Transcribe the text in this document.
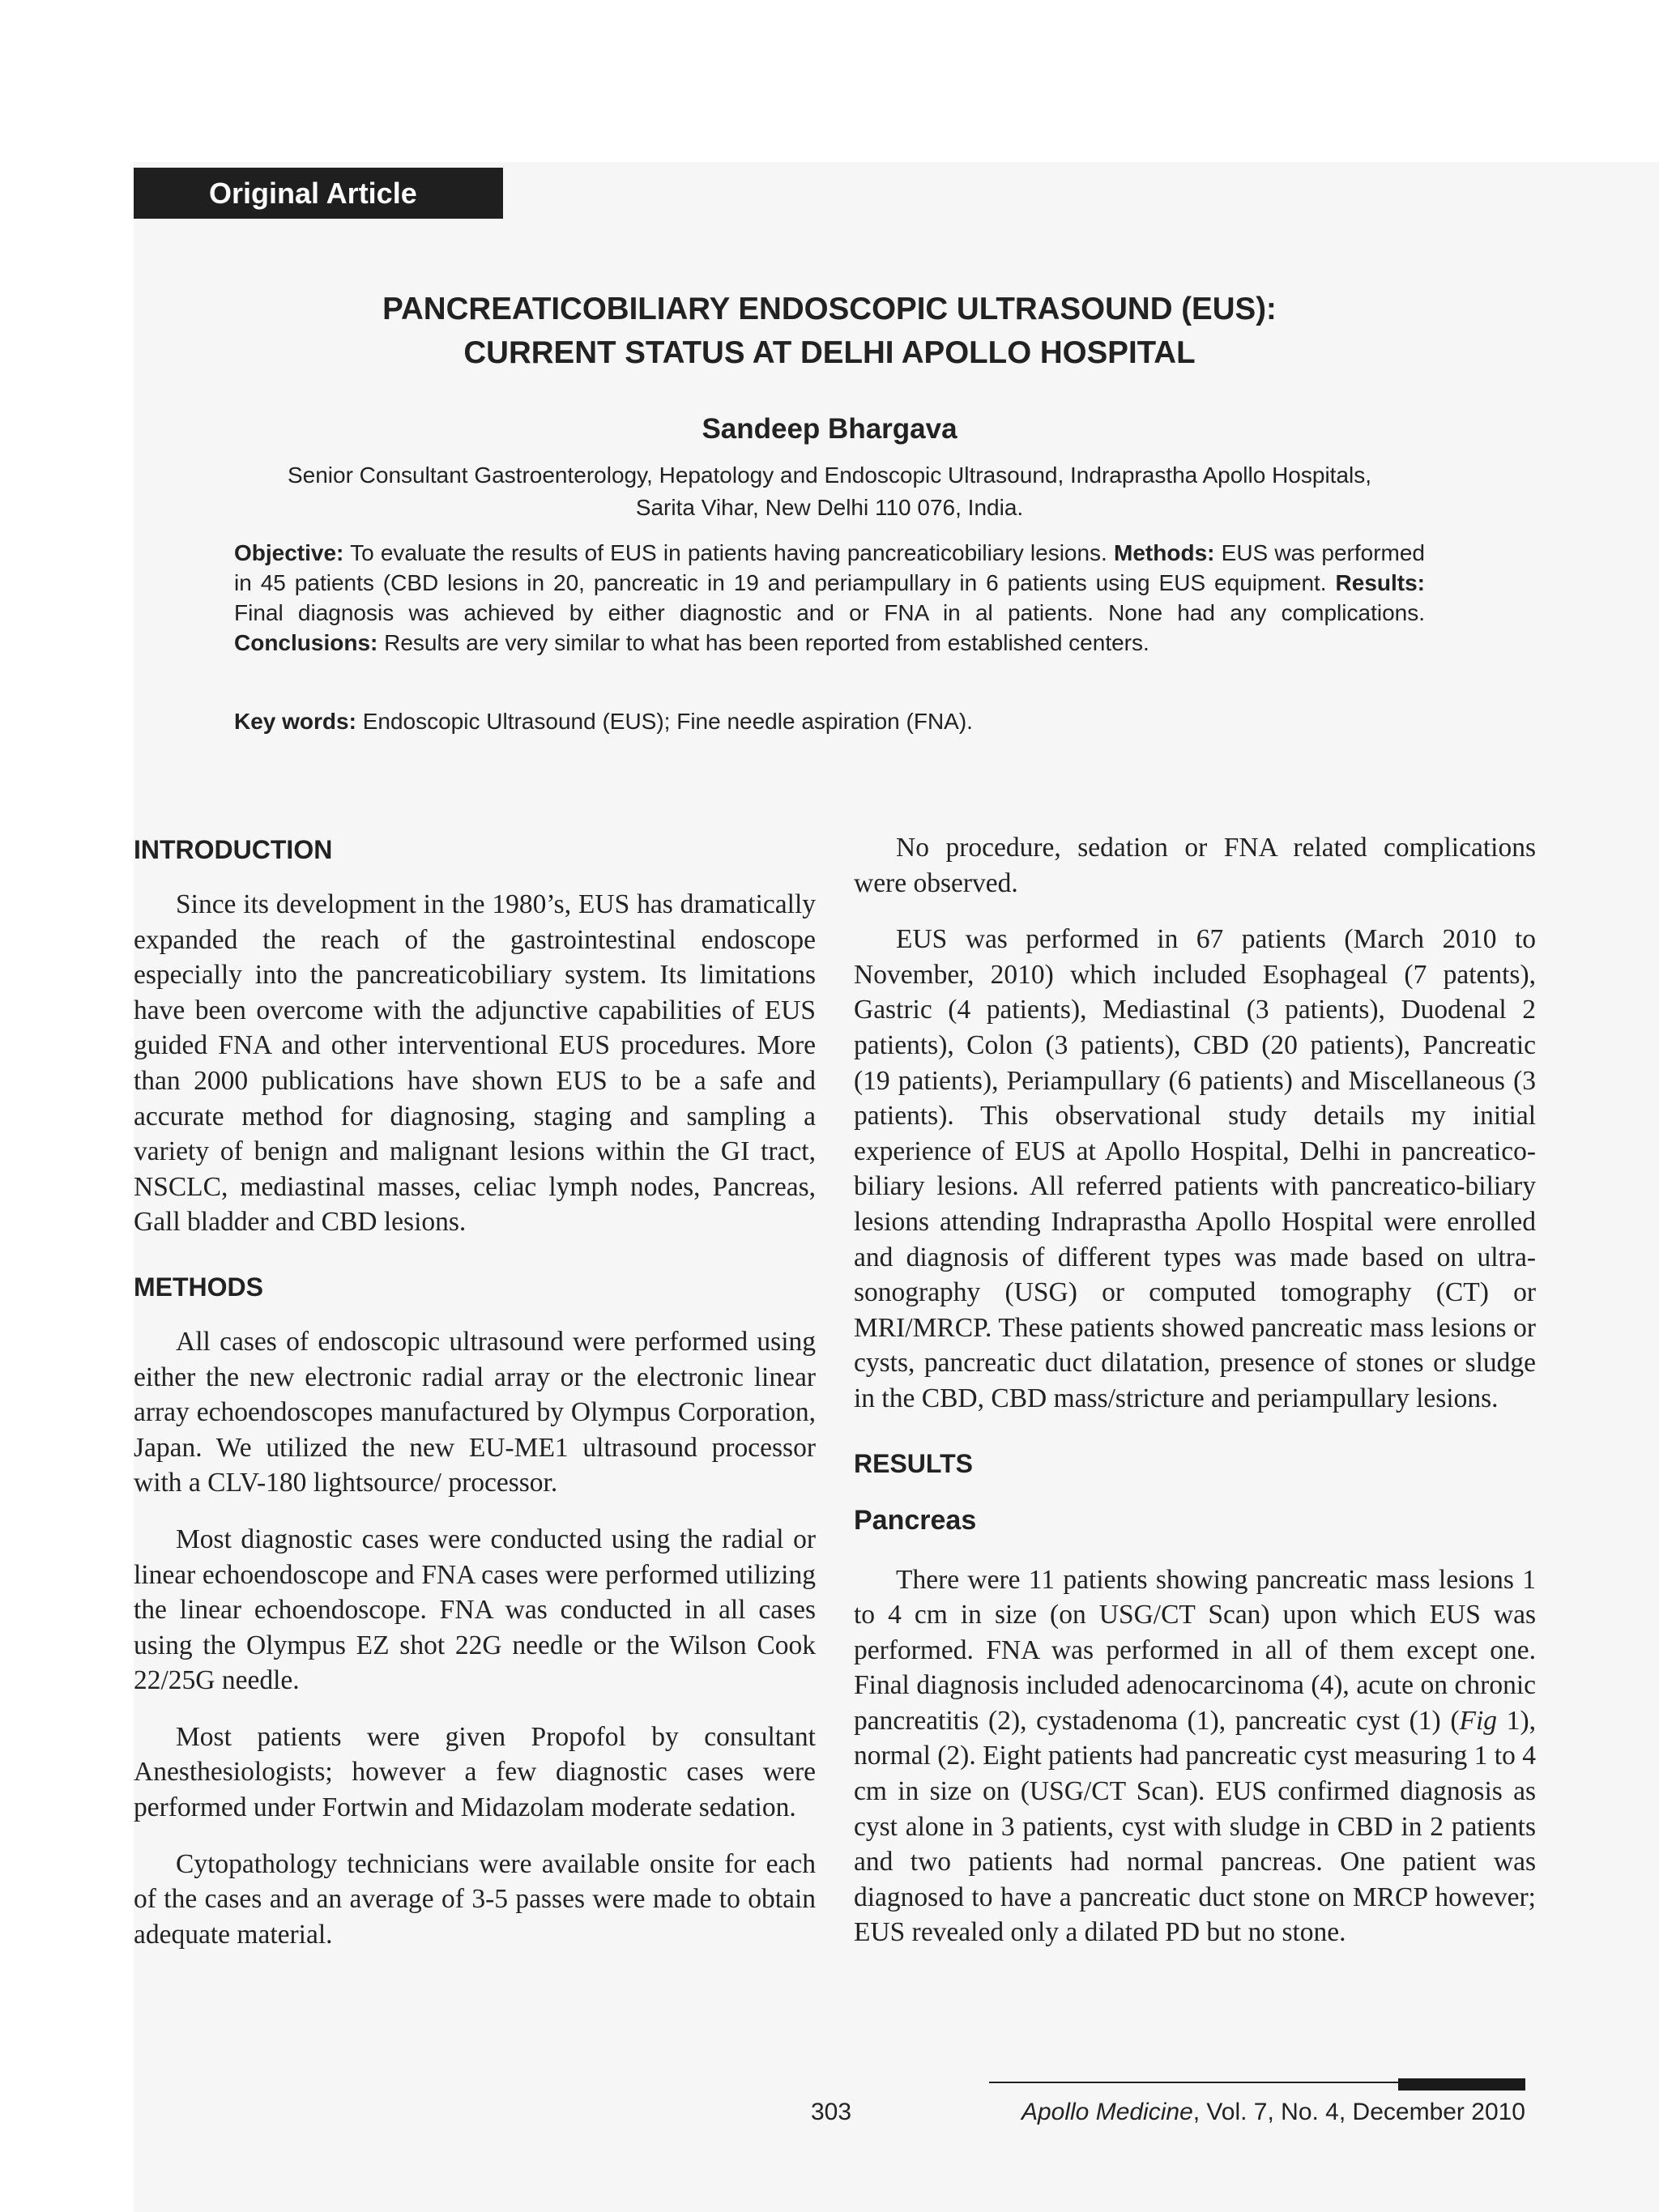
Original Article
PANCREATICOBILIARY ENDOSCOPIC ULTRASOUND (EUS):
CURRENT STATUS AT DELHI APOLLO HOSPITAL
Sandeep Bhargava
Senior Consultant Gastroenterology, Hepatology and Endoscopic Ultrasound, Indraprastha Apollo Hospitals,
Sarita Vihar, New Delhi 110 076, India.
Objective: To evaluate the results of EUS in patients having pancreaticobiliary lesions. Methods: EUS was performed in 45 patients (CBD lesions in 20, pancreatic in 19 and periampullary in 6 patients using EUS equipment. Results: Final diagnosis was achieved by either diagnostic and or FNA in al patients. None had any complications. Conclusions: Results are very similar to what has been reported from established centers.
Key words: Endoscopic Ultrasound (EUS); Fine needle aspiration (FNA).
INTRODUCTION

Since its development in the 1980’s, EUS has dramatically expanded the reach of the gastrointestinal endoscope especially into the pancreaticobiliary system. Its limitations have been overcome with the adjunctive capabilities of EUS guided FNA and other interventional EUS procedures. More than 2000 publications have shown EUS to be a safe and accurate method for diagnosing, staging and sampling a variety of benign and malignant lesions within the GI tract, NSCLC, mediastinal masses, celiac lymph nodes, Pancreas, Gall bladder and CBD lesions.

METHODS

All cases of endoscopic ultrasound were performed using either the new electronic radial array or the electronic linear array echoendoscopes manufactured by Olympus Corporation, Japan. We utilized the new EU-ME1 ultrasound processor with a CLV-180 lightsource/ processor.

Most diagnostic cases were conducted using the radial or linear echoendoscope and FNA cases were performed utilizing the linear echoendoscope. FNA was conducted in all cases using the Olympus EZ shot 22G needle or the Wilson Cook 22/25G needle.

Most patients were given Propofol by consultant Anesthesiologists; however a few diagnostic cases were performed under Fortwin and Midazolam moderate sedation.

Cytopathology technicians were available onsite for each of the cases and an average of 3-5 passes were made to obtain adequate material.

No procedure, sedation or FNA related complications were observed.

EUS was performed in 67 patients (March 2010 to November, 2010) which included Esophageal (7 patents), Gastric (4 patients), Mediastinal (3 patients), Duodenal 2 patients), Colon (3 patients), CBD (20 patients), Pancreatic (19 patients), Periampullary (6 patients) and Miscellaneous (3 patients). This observational study details my initial experience of EUS at Apollo Hospital, Delhi in pancreatico-biliary lesions. All referred patients with pancreatico-biliary lesions attending Indraprastha Apollo Hospital were enrolled and diagnosis of different types was made based on ultra-sonography (USG) or computed tomography (CT) or MRI/MRCP. These patients showed pancreatic mass lesions or cysts, pancreatic duct dilatation, presence of stones or sludge in the CBD, CBD mass/stricture and periampullary lesions.

RESULTS
Pancreas

There were 11 patients showing pancreatic mass lesions 1 to 4 cm in size (on USG/CT Scan) upon which EUS was performed. FNA was performed in all of them except one. Final diagnosis included adenocarcinoma (4), acute on chronic pancreatitis (2), cystadenoma (1), pancreatic cyst (1) (Fig 1), normal (2). Eight patients had pancreatic cyst measuring 1 to 4 cm in size on (USG/CT Scan). EUS confirmed diagnosis as cyst alone in 3 patients, cyst with sludge in CBD in 2 patients and two patients had normal pancreas. One patient was diagnosed to have a pancreatic duct stone on MRCP however; EUS revealed only a dilated PD but no stone.

303	Apollo Medicine, Vol. 7, No. 4, December 2010
